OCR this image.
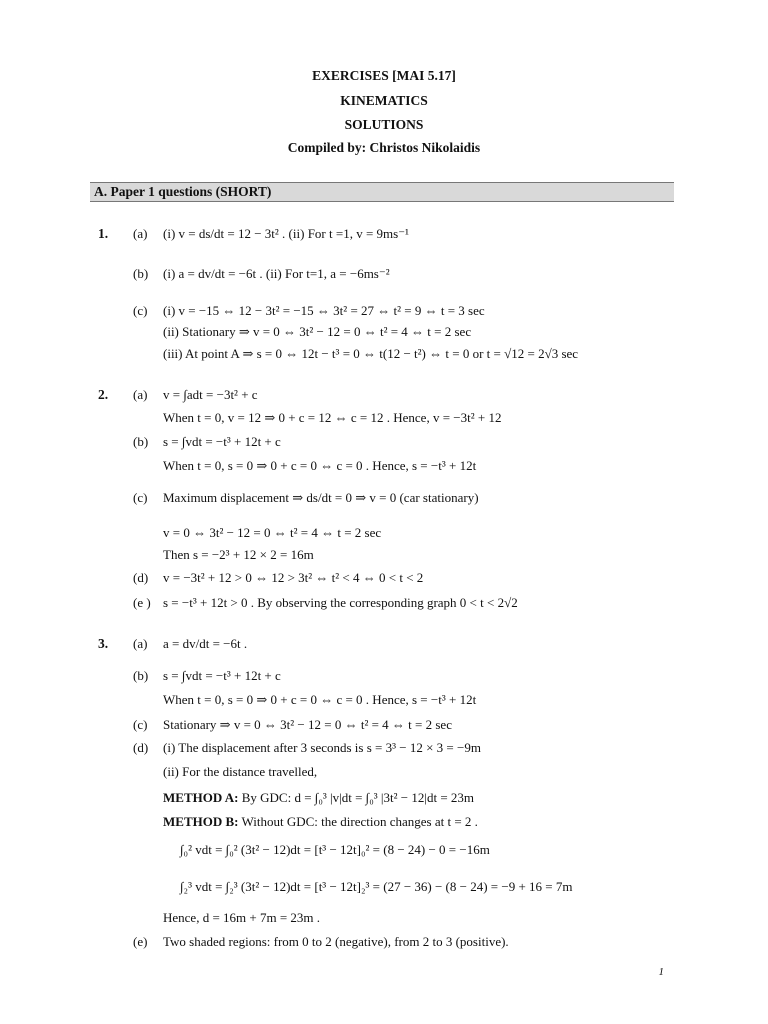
EXERCISES [MAI 5.17]
KINEMATICS
SOLUTIONS
Compiled by: Christos Nikolaidis
A. Paper 1 questions (SHORT)
1. (a) (i) v = ds/dt = 12 − 3t² . (ii) For t =1, v = 9ms⁻¹
(b) (i) a = dv/dt = −6t . (ii) For t=1, a = −6ms⁻²
(c) (i) v = −15 ⇔ 12 − 3t² = −15 ⇔ 3t² = 27 ⇔ t² = 9 ⇔ t = 3 sec
(ii) Stationary ⇒ v = 0 ⇔ 3t² − 12 = 0 ⇔ t² = 4 ⇔ t = 2 sec
(iii) At point A ⇒ s = 0 ⇔ 12t − t³ = 0 ⇔ t(12 − t²) ⇔ t = 0 or t = √12 = 2√3 sec
2. (a) v = ∫adt = −3t² + c
When t = 0, v = 12 ⇒ 0 + c = 12 ⇔ c = 12 . Hence, v = −3t² + 12
(b) s = ∫vdt = −t³ + 12t + c
When t = 0, s = 0 ⇒ 0 + c = 0 ⇔ c = 0 . Hence, s = −t³ + 12t
(c) Maximum displacement ⇒ ds/dt = 0 ⇒ v = 0 (car stationary)
v = 0 ⇔ 3t² − 12 = 0 ⇔ t² = 4 ⇔ t = 2 sec
Then s = −2³ + 12 × 2 = 16m
(d) v = −3t² + 12 > 0 ⇔ 12 > 3t² ⇔ t² < 4 ⇔ 0 < t < 2
(e ) s = −t³ + 12t > 0 . By observing the corresponding graph 0 < t < 2√2
3. (a) a = dv/dt = −6t .
(b) s = ∫vdt = −t³ + 12t + c
When t = 0, s = 0 ⇒ 0 + c = 0 ⇔ c = 0 . Hence, s = −t³ + 12t
(c) Stationary ⇒ v = 0 ⇔ 3t² − 12 = 0 ⇔ t² = 4 ⇔ t = 2 sec
(d) (i) The displacement after 3 seconds is s = 3³ − 12 × 3 = −9m
(ii) For the distance travelled,
METHOD A: By GDC: d = ∫₀³ |v|dt = ∫₀³ |3t² − 12|dt = 23m
METHOD B: Without GDC: the direction changes at t = 2 .
∫₀² vdt = ∫₀² (3t² − 12)dt = [t³ − 12t]₀² = (8 − 24) − 0 = −16m
∫₂³ vdt = ∫₂³ (3t² − 12)dt = [t³ − 12t]₂³ = (27 − 36) − (8 − 24) = −9 + 16 = 7m
Hence, d = 16m + 7m = 23m .
(e) Two shaded regions: from 0 to 2 (negative), from 2 to 3 (positive).
1
